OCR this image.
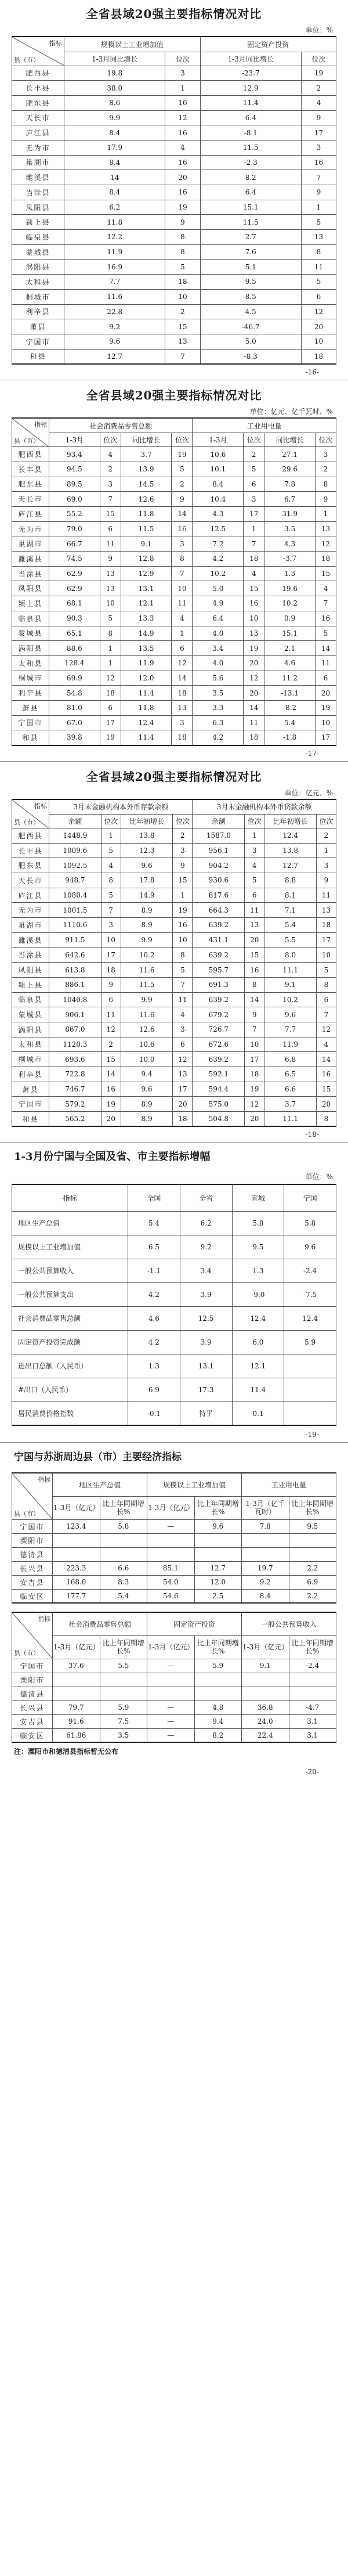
全省县域20强主要指标情况对比
单位：%
指标
县（市）	规模以上工业增加值		固定资产投资	
	1-3月同比增长	位次	1-3月同比增长	位次
肥西县	19.8	3	-23.7	19
长丰县	38.0	1	12.9	2
肥东县	8.6	16	11.4	4
天长市	9.9	12	6.4	9
庐江县	8.4	16	-8.1	17
无为市	17.9	4	11.5	3
巢湖市	8.4	16	-2.3	16
濉溪县	14	20	8.2	7
当涂县	8.4	16	6.4	9
凤阳县	6.2	19	15.1	1
颍上县	11.8	9	11.5	5
临泉县	12.2	8	2.7	13
蒙城县	11.9	8	7.6	8
涡阳县	16.9	5	5.1	11
太和县	7.7	18	9.5	5
桐城市	11.6	10	8.5	6
利辛县	22.8	2	4.5	12
萧县	9.2	15	-46.7	20
宁国市	9.6	13	5.0	10
和县	12.7	7	-8.3	18
-16-
全省县域20强主要指标情况对比
单位：亿元、亿千瓦时、%
指标
县（市）	社会消费品零售总额				工业用电量			
	1-3月	位次	同比增长	位次	1-3月	位次	同比增长	位次
肥西县	93.4	4	3.7	19	10.6	2	27.1	3
长丰县	94.5	2	13.9	5	10.1	5	29.6	2
肥东县	89.5	3	14.5	2	8.4	6	7.8	8
天长市	69.0	7	12.6	9	10.4	3	6.7	9
庐江县	55.2	15	11.8	14	4.3	17	31.9	1
无为市	79.0	6	11.5	16	12.5	1	3.5	13
巢湖市	66.7	11	9.1	3	7.2	7	4.3	12
濉溪县	74.5	9	12.8	8	4.2	18	-3.7	18
当涂县	62.9	13	12.9	7	10.2	4	1.3	15
凤阳县	62.9	13	13.1	10	5.0	15	19.6	4
颍上县	68.1	10	12.1	11	4.9	16	10.2	7
临泉县	90.3	5	13.3	4	6.4	10	0.9	16
蒙城县	65.1	8	14.9	1	4.0	13	15.1	5
涡阳县	88.6	1	13.5	6	3.4	19	2.1	14
太和县	128.4	1	11.9	12	4.0	20	4.6	11
桐城市	69.9	12	12.0	14	5.6	12	11.2	6
利辛县	54.8	18	11.4	18	3.5	20	-13.1	20
萧县	81.0	6	11.8	13	3.3	14	-8.2	19
宁国市	67.0	17	12.4	3	6.3	11	5.4	10
和县	39.8	19	11.4	18	4.2	18	-1.8	17
-17-
全省县域20强主要指标情况对比
单位：亿元、%
指标
县（市）	3月末金融机构本外币存款余额				3月末金融机构本外币贷款余额			
	余额	位次	比年初增长	位次	余额	位次	比年初增长	位次
肥西县	1448.9	1	13.8	2	1587.0	1	12.4	2
长丰县	1009.6	5	12.3	3	956.1	3	13.8	1
肥东县	1092.5	4	9.6	9	904.2	4	12.7	3
天长市	948.7	8	17.8	15	930.6	5	8.8	9
庐江县	1080.4	5	14.9	1	817.6	6	8.1	11
无为市	1001.5	7	8.9	19	664.3	11	7.1	13
巢湖市	1110.6	3	8.9	16	639.2	13	5.4	18
濉溪县	911.5	10	9.9	10	431.1	20	5.5	17
当涂县	642.6	17	10.2	8	639.2	15	8.0	10
凤阳县	613.8	18	11.6	5	595.7	16	11.1	5
颍上县	886.1	9	11.5	7	691.3	8	9.1	8
临泉县	1040.8	6	9.9	11	639.2	14	10.2	6
蒙城县	906.1	11	11.6	4	679.2	9	9.6	7
涡阳县	867.0	12	12.6	3	726.7	7	7.7	12
太和县	1120.3	2	10.6	6	672.6	10	11.9	4
桐城市	693.6	15	10.0	12	639.2	17	6.8	14
利辛县	722.8	14	9.4	13	592.1	18	6.5	16
萧县	746.7	16	9.6	17	594.4	19	6.6	15
宁国市	579.2	19	8.9	20	575.0	12	3.7	20
和县	565.2	20	8.9	18	504.8	20	11.1	8
-18-
1-3月份宁国与全国及省、市主要指标增幅
单位：%
指标	全国	全省	宣城	宁国
地区生产总值	5.4	6.2	5.8	5.8
规模以上工业增加值	6.5	9.2	9.5	9.6
一般公共预算收入	-1.1	3.4	1.3	-2.4
一般公共预算支出	4.2	3.9	-9.0	-7.5
社会消费品零售总额	4.6	12.5	12.4	12.4
固定资产投资完成额	4.2	3.9	6.0	5.9
进出口总额（人民币）	1.3	13.1	12.1	
#出口（人民币）	6.9	17.3	11.4	
居民消费价格指数	-0.1	持平	0.1	
-19-
宁国与苏浙周边县（市）主要经济指标
指标
县（市）	地区生产总值		规模以上工业增加值		工业用电量	
	1-3月（亿元）	比上年同期增长%	1-3月（亿元）	比上年同期增长%	1-3月（亿千瓦时）	比上年同期增长%
宁国市	123.4	5.8	—	9.6	7.8	9.5
溧阳市						
德清县						
长兴县	223.3	6.6	85.1	12.7	19.7	2.2
安吉县	168.0	8.3	54.0	12.0	9.2	6.9
临安区	177.7	5.4	54.6	2.5	8.4	2.2
指标
县（市）	社会消费品零售总额		固定资产投资		一般公共预算收入	
	1-3月（亿元）	比上年同期增长%	1-3月（亿元）	比上年同期增长%	1-3月（亿元）	比上年同期增长%
宁国市	37.6	5.5	—	5.9	9.1	-2.4
溧阳市						
德清县						
长兴县	79.7	5.9	—	4.8	36.8	-4.7
安吉县	91.6	7.5	—	9.4	24.0	3.1
临安区	61.86	3.5	—	8.2	22.4	3.1
注：溧阳市和德清县指标暂无公布
-20-
